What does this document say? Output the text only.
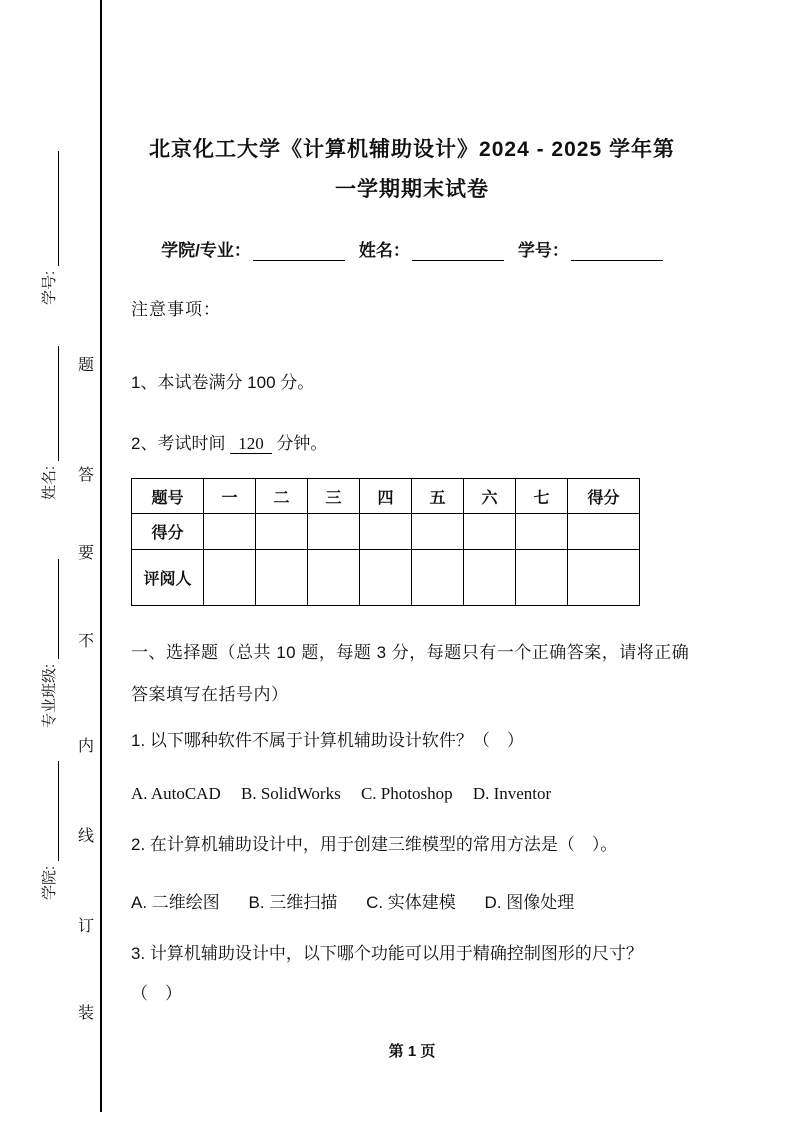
学号:
姓名:
专业班级:
学院:
题
答
要
不
内
线
订
装
北京化工大学《计算机辅助设计》2024 - 2025 学年第
一学期期末试卷
学院/专业：	姓名：	学号：

注意事项：

1、本试卷满分 100 分。

2、考试时间 120 分钟。

题号	一	二	三	四	五	六	七	得分
得分								
评阅人								

一、选择题（总共 10 题，每题 3 分，每题只有一个正确答案，请将正确答案填写在括号内）

1. 以下哪种软件不属于计算机辅助设计软件？（　）

A. AutoCAD B. SolidWorks C. Photoshop D. Inventor

2. 在计算机辅助设计中，用于创建三维模型的常用方法是（　）。

A. 二维绘图 B. 三维扫描 C. 实体建模 D. 图像处理

3. 计算机辅助设计中，以下哪个功能可以用于精确控制图形的尺寸？

（　）

第 1 页
